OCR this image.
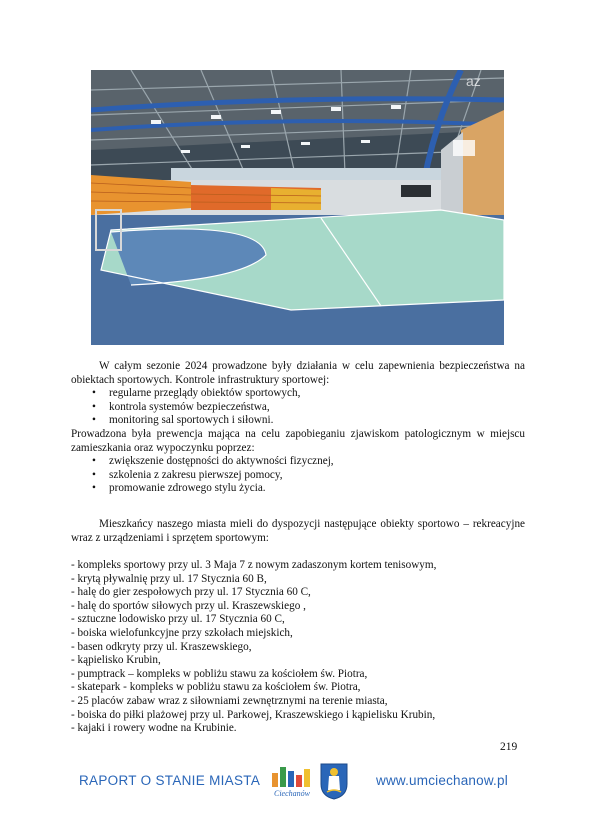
az
W całym sezonie 2024 prowadzone były działania w celu zapewnienia bezpieczeństwa na obiektach sportowych. Kontrole infrastruktury sportowej:
• regularne przeglądy obiektów sportowych,
• kontrola systemów bezpieczeństwa,
• monitoring sal sportowych i siłowni.
Prowadzona była prewencja mająca na celu zapobieganiu zjawiskom patologicznym w miejscu zamieszkania oraz wypoczynku poprzez:
• zwiększenie dostępności do aktywności fizycznej,
• szkolenia z zakresu pierwszej pomocy,
• promowanie zdrowego stylu życia.
Mieszkańcy naszego miasta mieli do dyspozycji następujące obiekty sportowo – rekreacyjne wraz z urządzeniami i sprzętem sportowym:
- kompleks sportowy przy ul. 3 Maja 7 z nowym zadaszonym kortem tenisowym,
- krytą pływalnię przy ul. 17 Stycznia 60 B,
- halę do gier zespołowych przy ul. 17 Stycznia 60 C,
- halę do sportów siłowych przy ul. Kraszewskiego ,
- sztuczne lodowisko przy ul. 17 Stycznia 60 C,
- boiska wielofunkcyjne przy szkołach miejskich,
- basen odkryty przy ul. Kraszewskiego,
- kąpielisko Krubin,
- pumptrack – kompleks w pobliżu stawu za kościołem św. Piotra,
- skatepark - kompleks w pobliżu stawu za kościołem św. Piotra,
- 25 placów zabaw wraz z siłowniami zewnętrznymi na terenie miasta,
- boiska do piłki plażowej przy ul. Parkowej, Kraszewskiego i kąpielisku Krubin,
- kajaki i rowery wodne na Krubinie.
219
RAPORT O STANIE MIASTA
Ciechanów
www.umciechanow.pl
